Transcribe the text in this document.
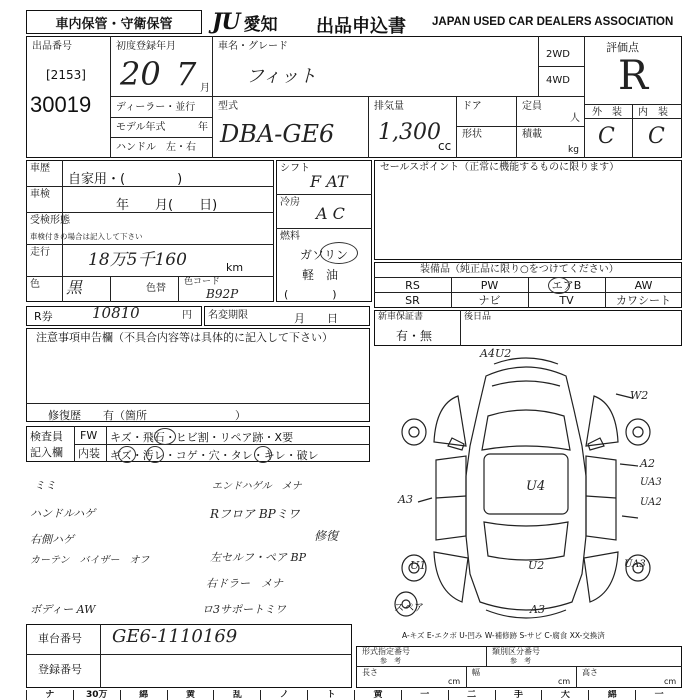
車内保管・守衛保管	JU 愛知 出品申込書 JAPAN USED CAR DEALERS ASSOCIATION
出品番号
[2153]
30019
初度登録年月
20 7 月
車名・グレード
フィット
2WD
4WD
ディーラー・並行
モデル年式	年
ハンドル　左・右
型式
DBA-GE6
排気量
1,300
cc
ドア	定員
人
形状	積載
kg
評価点
R
外　装 内　装
C C
車歴
自家用・(　　　　)
車検
年　　月(　　日)
受検形態
車検付きの場合は記入して下さい
走行 18万5千160	km
色 黒	色替
色コード
B92P
シフト
F AT
冷房
A C
燃料
ガソリン
軽　油
(　　　　)
セールスポイント（正常に機能するものに限ります）
装備品（純正品に限り○をつけてください）
RS	PW	エアB	AW
SR	ナビ	TV	カワシート
R券	10810	円 名変期限	月　　日	新車保証書
有・無
後日品
注意事項申告欄（不具合内容等は具体的に記入して下さい）
修復歴　　有（箇所　　　　　　　　）
検査員
記入欄
FW キズ・飛石・ヒビ割・リペア跡・X要
内装 ギズ・汚レ・コゲ・穴・タレ・キレ・破レ
ミミ
ハンドルハゲ
右側ハゲ
カーテン　バイザー　オフ
ボディー AW
エンドハゲル　メナ
Rフロア BPミワ
修復
左セルフ・ペア BP
右ドラー　メナ
ロ3サポートミワ
A4U2
W2
A2
UA3
UA2
A3
U4
U1	U2	UA3
A3
スペア
A-キズ E-エクボ U-凹み W-補修跡 S-サビ C-腐食 XX-交換済
車台番号 GE6-1110169
登録番号
形式指定番号
参　考
類別区分番号
参　考
長さ
cm
幅
cm
高さ
cm
ナ	30万	綿	黄	乱	ノ	ト	黄	一	二	手	大	綿	一
